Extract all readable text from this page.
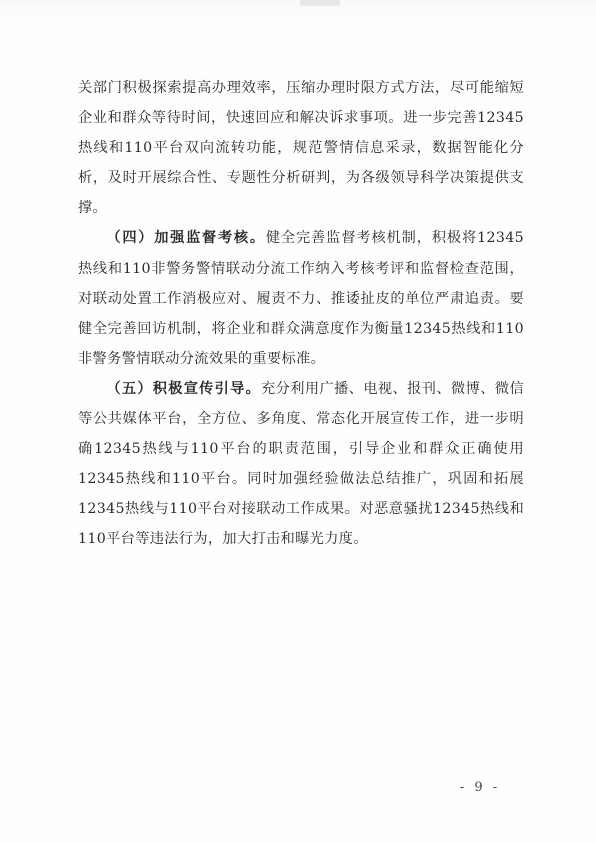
关部门积极探索提高办理效率，压缩办理时限方式方法，尽可能缩短企业和群众等待时间，快速回应和解决诉求事项。进一步完善12345热线和110平台双向流转功能，规范警情信息采录，数据智能化分析，及时开展综合性、专题性分析研判，为各级领导科学决策提供支撑。

（四）加强监督考核。健全完善监督考核机制，积极将12345热线和110非警务警情联动分流工作纳入考核考评和监督检查范围，对联动处置工作消极应对、履责不力、推诿扯皮的单位严肃追责。要健全完善回访机制，将企业和群众满意度作为衡量12345热线和110非警务警情联动分流效果的重要标准。

（五）积极宣传引导。充分利用广播、电视、报刊、微博、微信等公共媒体平台，全方位、多角度、常态化开展宣传工作，进一步明确12345热线与110平台的职责范围，引导企业和群众正确使用12345热线和110平台。同时加强经验做法总结推广，巩固和拓展12345热线与110平台对接联动工作成果。对恶意骚扰12345热线和110平台等违法行为，加大打击和曝光力度。

- 9 -
